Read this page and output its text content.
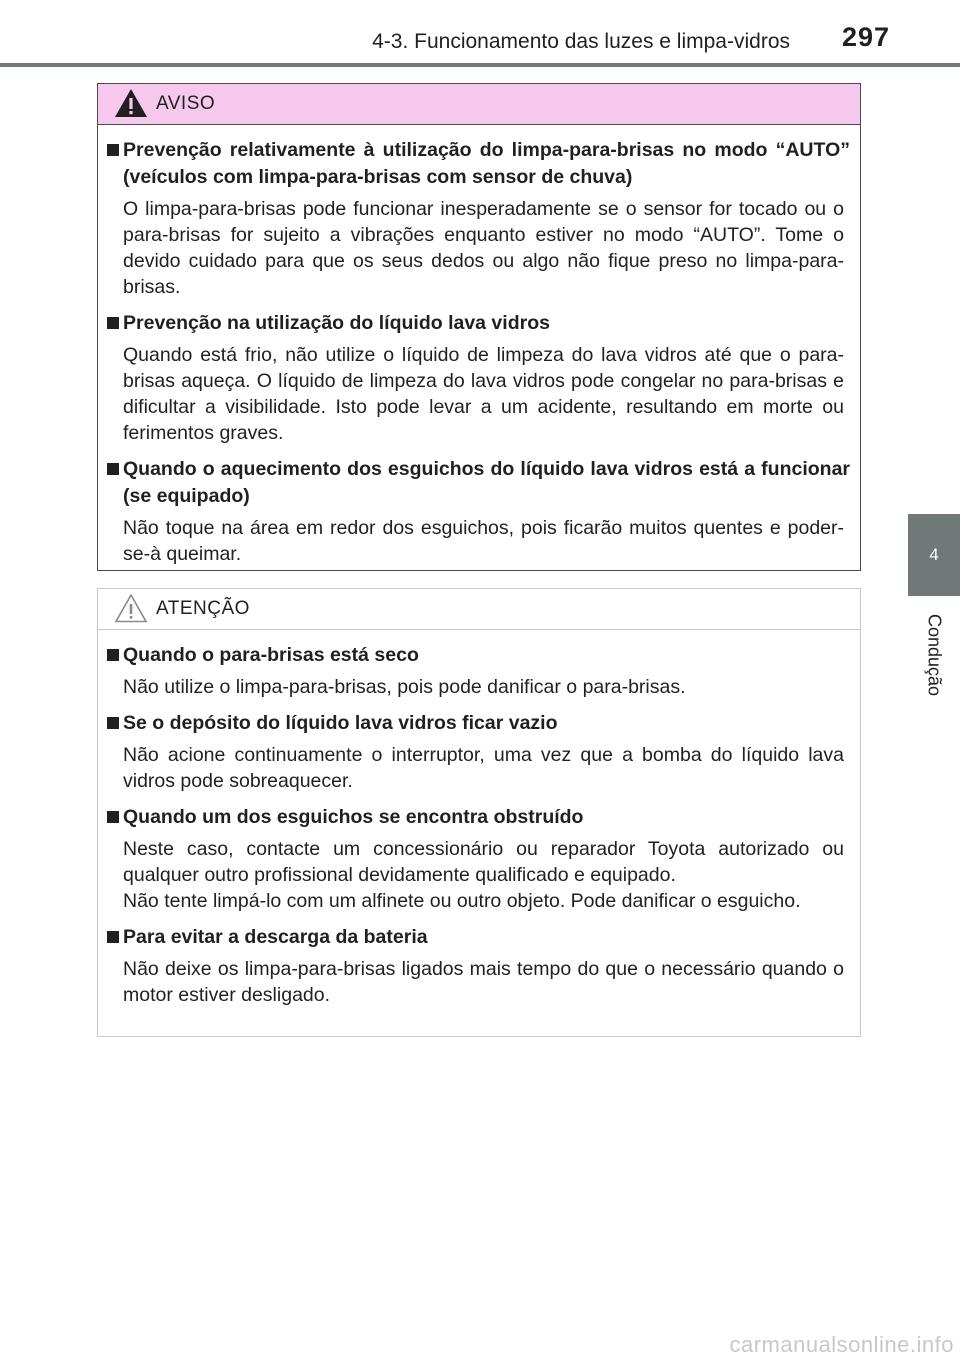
4-3. Funcionamento das luzes e limpa-vidros 297
4
Condução
AVISO
Prevenção relativamente à utilização do limpa-para-brisas no modo “AUTO” (veículos com limpa-para-brisas com sensor de chuva)

O limpa-para-brisas pode funcionar inesperadamente se o sensor for tocado ou o para-brisas for sujeito a vibrações enquanto estiver no modo “AUTO”. Tome o devido cuidado para que os seus dedos ou algo não fique preso no limpa-para-brisas.

Prevenção na utilização do líquido lava vidros

Quando está frio, não utilize o líquido de limpeza do lava vidros até que o para-brisas aqueça. O líquido de limpeza do lava vidros pode congelar no para-brisas e dificultar a visibilidade. Isto pode levar a um acidente, resultando em morte ou ferimentos graves.

Quando o aquecimento dos esguichos do líquido lava vidros está a funcionar (se equipado)

Não toque na área em redor dos esguichos, pois ficarão muitos quentes e poder-se-à queimar.

ATENÇÃO
Quando o para-brisas está seco

Não utilize o limpa-para-brisas, pois pode danificar o para-brisas.

Se o depósito do líquido lava vidros ficar vazio

Não acione continuamente o interruptor, uma vez que a bomba do líquido lava vidros pode sobreaquecer.

Quando um dos esguichos se encontra obstruído

Neste caso, contacte um concessionário ou reparador Toyota autorizado ou qualquer outro profissional devidamente qualificado e equipado.

Não tente limpá-lo com um alfinete ou outro objeto. Pode danificar o esguicho.

Para evitar a descarga da bateria

Não deixe os limpa-para-brisas ligados mais tempo do que o necessário quando o motor estiver desligado.

carmanualsonline.info
